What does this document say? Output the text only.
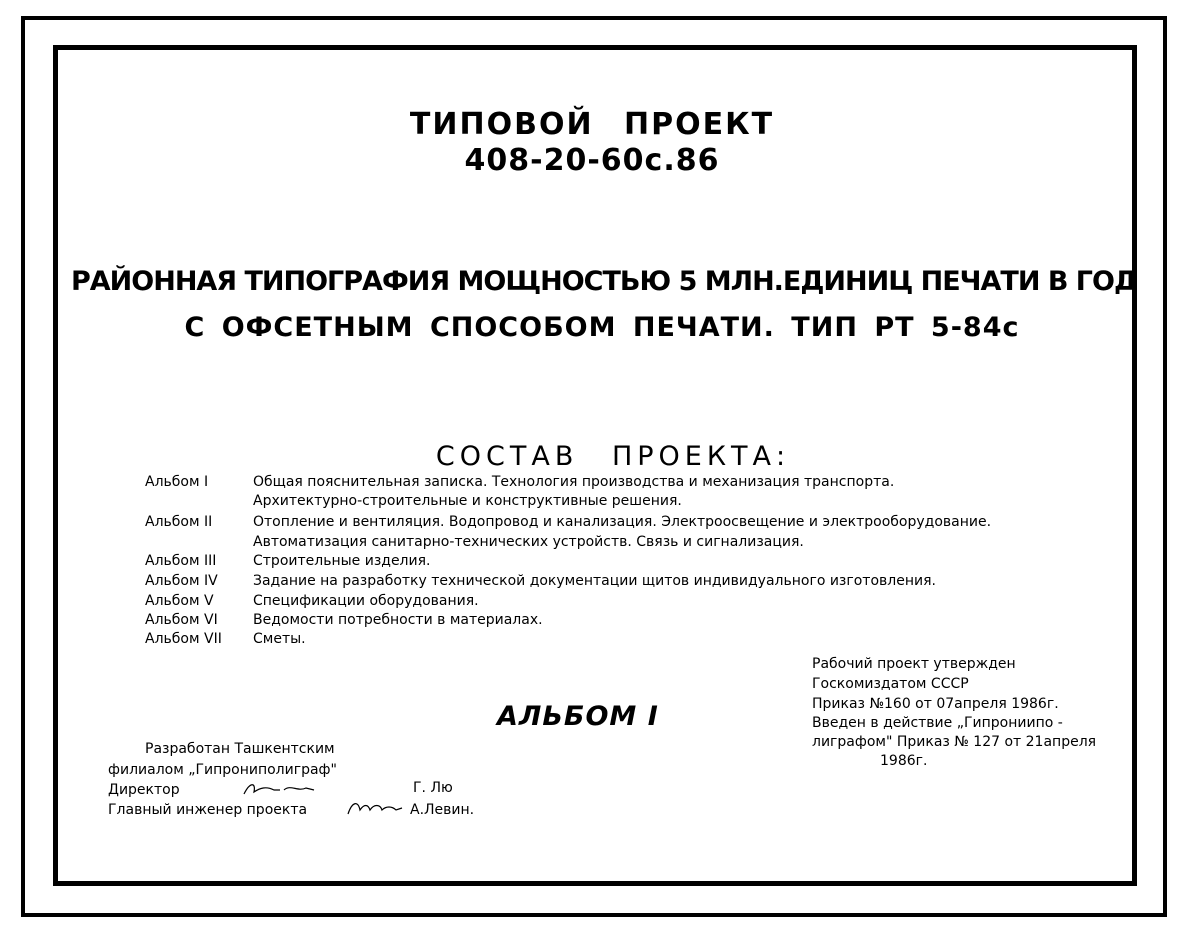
ТИПОВОЙ ПРОЕКТ
408-20-60с.86
РАЙОННАЯ ТИПОГРАФИЯ МОЩНОСТЬЮ 5 МЛН.ЕДИНИЦ ПЕЧАТИ В ГОД
С ОФСЕТНЫМ СПОСОБОМ ПЕЧАТИ. ТИП РТ 5-84с
СОСТАВ ПРОЕКТА:
Альбом I	Общая пояснительная записка. Технология производства и механизация транспорта.
Архитектурно-строительные и конструктивные решения.
Альбом II	Отопление и вентиляция. Водопровод и канализация. Электроосвещение и электрооборудование.
Автоматизация санитарно-технических устройств. Связь и сигнализация.
Альбом III	Строительные изделия.
Альбом IV	Задание на разработку технической документации щитов индивидуального изготовления.
Альбом V	Спецификации оборудования.
Альбом VI	Ведомости потребности в материалах.
Альбом VII Сметы.
Рабочий проект утвержден
Госкомиздатом СССР
Приказ №160 от 07апреля 1986г.
Введен в действие „Гипрониипо -
лиграфом" Приказ № 127 от 21апреля
1986г.
АЛЬБОМ I
Разработан Ташкентским
филиалом „Гипрониполиграф"
Директор	Г. Лю
Главный инженер проекта	А.Левин.
